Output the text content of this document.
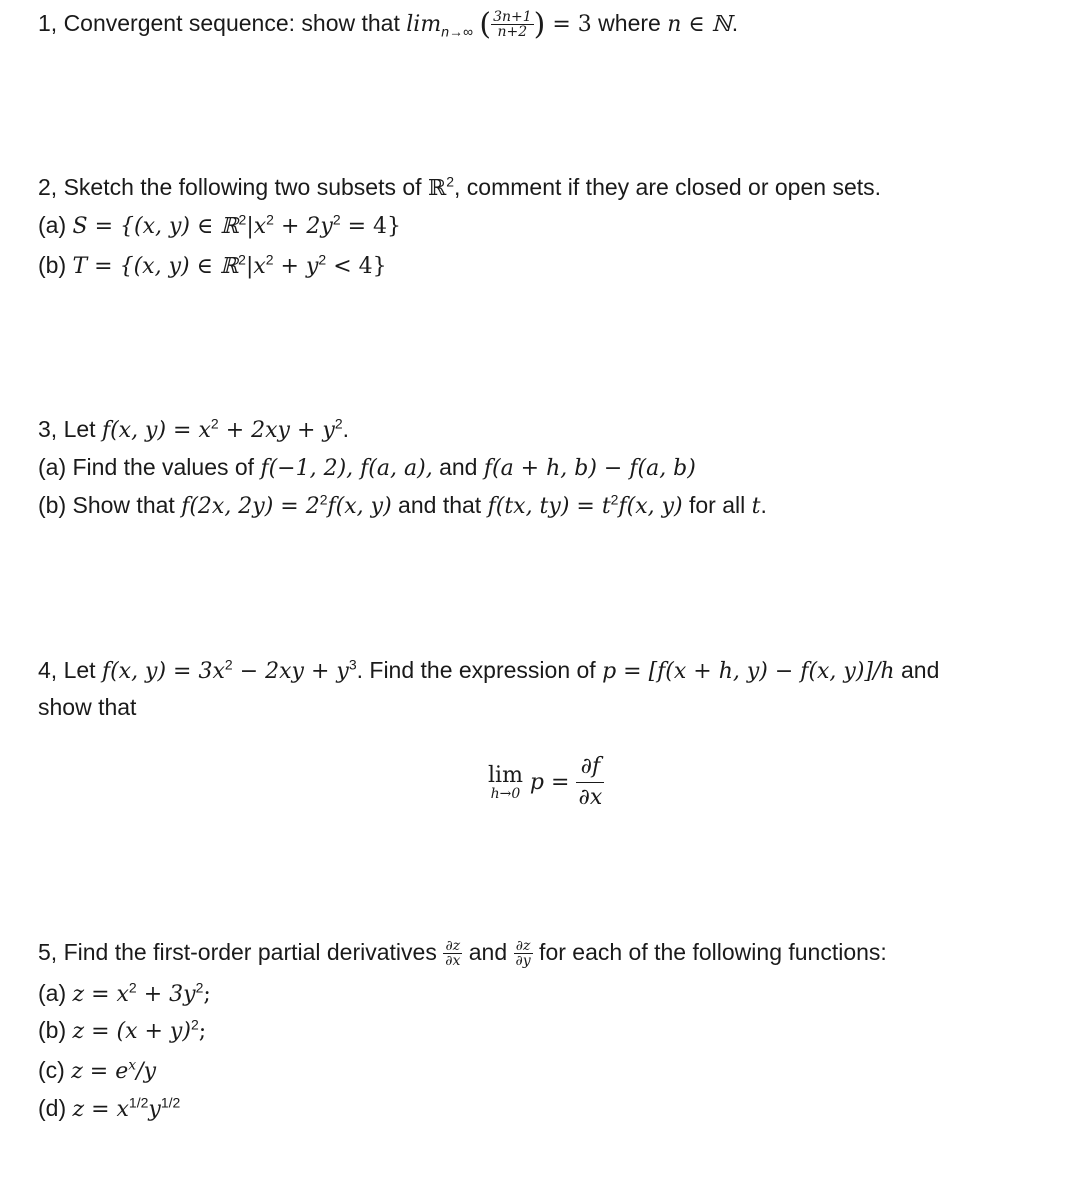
1, Convergent sequence: show that $\lim_{n\to\infty}$ ( $\frac{3n+1}{n+2}$ ) = 3 where n ∈ ℕ.
2, Sketch the following two subsets of ℝ$^2$, comment if they are closed or open sets.
(a) S = {(x, y) ∈ $ℝ^2|x^2 + 2y^2 = 4$}
(b) T = {(x, y) ∈ $ℝ^2|x^2 + y^2 < 4$}
3, Let f(x, $y) = x^2 + 2xy + y^2$.
(a) Find the values of f(−1, 2), f(a, a), and f(a + h, b) − f(a, b)
(b) Show that f(2x, $2y) = 2^2f(x$, y) and that f(tx, $ty) = t^2f(x$, y) for all t.
4, Let f(x, $y) = 3x^2 - 2xy + y^3$. Find the expression of p = [f(x + h, y) − f(x, y)]/h and
show that
lim
h→0 $p = \frac{\partial f}{\partial x}$
5, Find the first-order partial derivatives $\frac{\partial z}{\partial x}$ and $\frac{\partial z}{\partial y}$ for each of the following functions:
(a) $z = x^2 + 3y^2$;
(b) $z = (x + y)^2$;
(c) $z = e^x/y$
(d) $z = x^{1/2}y^{1/2}$
